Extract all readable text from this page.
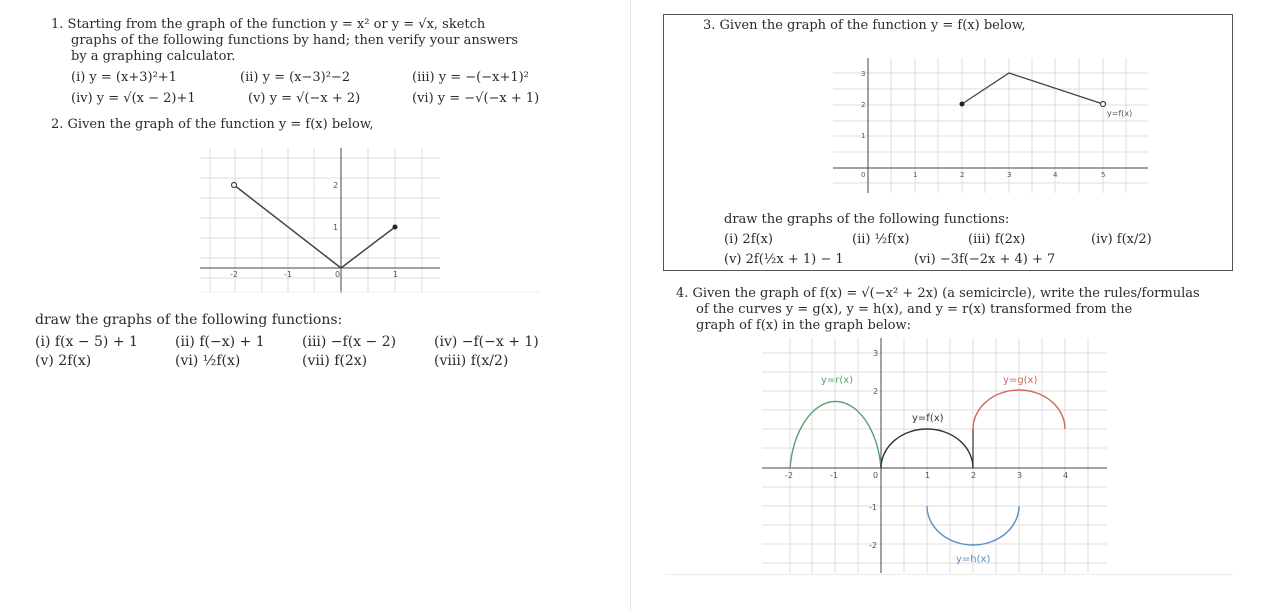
1. Starting from the graph of the function y = x² or y = √x, sketch
graphs of the following functions by hand; then verify your answers
by a graphing calculator.
(i) y = (x+3)²+1	(ii) y = (x−3)²−2	(iii) y = −(−x+1)²
(iv) y = √(x − 2)+1	(v) y = √(−x + 2)	(vi) y = −√(−x + 1)
2. Given the graph of the function y = f(x) below,
-2	-1	0	1
1
2
draw the graphs of the following functions:
(i) f(x − 5) + 1	(ii) f(−x) + 1	(iii) −f(x − 2)	(iv) −f(−x + 1)
(v) 2f(x)	(vi) ½f(x)	(vii) f(2x)	(viii) f(x/2)
3. Given the graph of the function y = f(x) below,
y=f(x)
0	1	2	3	4	5
1
2
3
draw the graphs of the following functions:
(i) 2f(x)	(ii) ½f(x)	(iii) f(2x)	(iv) f(x/2)
(v) 2f(½x + 1) − 1	(vi) −3f(−2x + 4) + 7
4. Given the graph of f(x) = √(−x² + 2x) (a semicircle), write the rules/formulas
of the curves y = g(x), y = h(x), and y = r(x) transformed from the
graph of f(x) in the graph below:
y=r(x)	y=g(x)
y=f(x)
y=h(x)
-2	-1	0	1	2	3	4
3
2
-1
-2
